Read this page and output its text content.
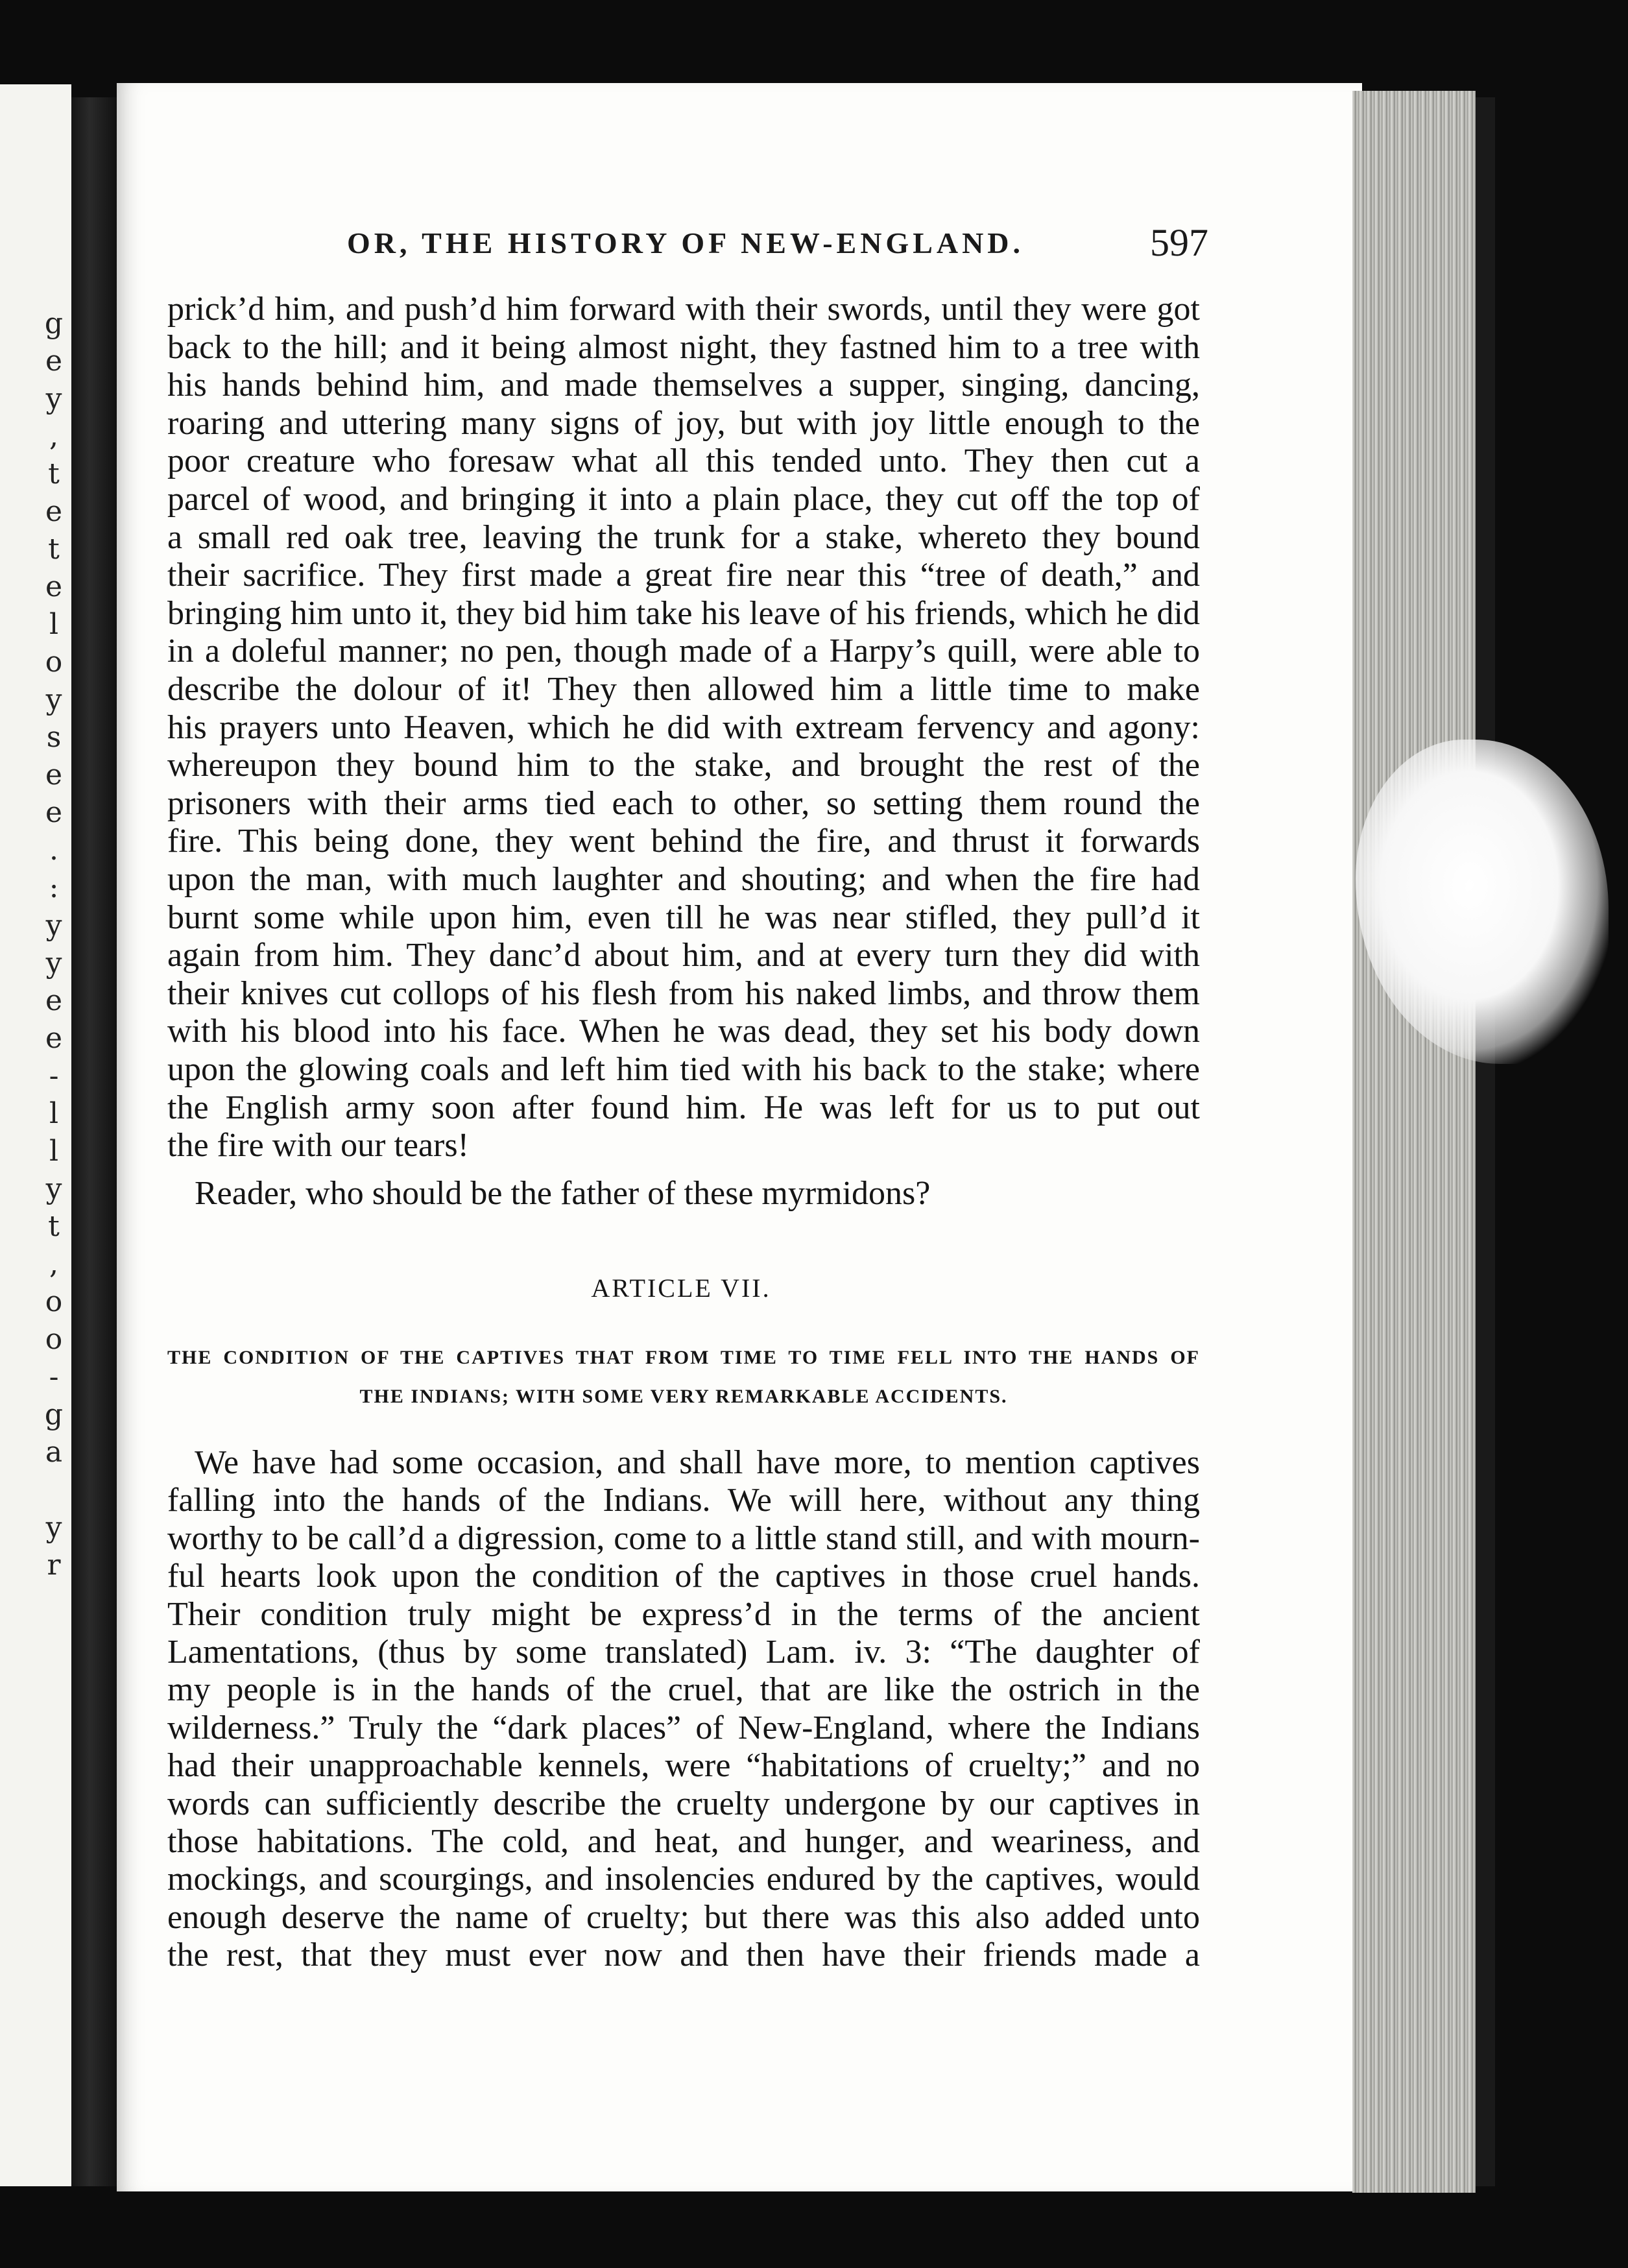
g
e
y
,
t
e
t
e
l
o
y
s
e
e
.
:
y
y
e
e
-
l
l
y
t
,
o
o
-
g
a

y
r
OR, THE HISTORY OF NEW-ENGLAND.	597
prick’d him, and push’d him forward with their swords, until they were got
back to the hill; and it being almost night, they fastned him to a tree with
his hands behind him, and made themselves a supper, singing, dancing,
roaring and uttering many signs of joy, but with joy little enough to the
poor creature who foresaw what all this tended unto. They then cut a
parcel of wood, and bringing it into a plain place, they cut off the top of
a small red oak tree, leaving the trunk for a stake, whereto they bound
their sacrifice. They first made a great fire near this “tree of death,” and
bringing him unto it, they bid him take his leave of his friends, which he did
in a doleful manner; no pen, though made of a Harpy’s quill, were able to
describe the dolour of it! They then allowed him a little time to make
his prayers unto Heaven, which he did with extream fervency and agony:
whereupon they bound him to the stake, and brought the rest of the
prisoners with their arms tied each to other, so setting them round the
fire. This being done, they went behind the fire, and thrust it forwards
upon the man, with much laughter and shouting; and when the fire had
burnt some while upon him, even till he was near stifled, they pull’d it
again from him. They danc’d about him, and at every turn they did with
their knives cut collops of his flesh from his naked limbs, and throw them
with his blood into his face. When he was dead, they set his body down
upon the glowing coals and left him tied with his back to the stake; where
the English army soon after found him. He was left for us to put out
the fire with our tears!
Reader, who should be the father of these myrmidons?
ARTICLE VII.
THE CONDITION OF THE CAPTIVES THAT FROM TIME TO TIME FELL INTO THE HANDS OF
THE INDIANS; WITH SOME VERY REMARKABLE ACCIDENTS.
We have had some occasion, and shall have more, to mention captives
falling into the hands of the Indians. We will here, without any thing
worthy to be call’d a digression, come to a little stand still, and with mourn-
ful hearts look upon the condition of the captives in those cruel hands.
Their condition truly might be express’d in the terms of the ancient
Lamentations, (thus by some translated) Lam. iv. 3: “The daughter of
my people is in the hands of the cruel, that are like the ostrich in the
wilderness.” Truly the “dark places” of New-England, where the Indians
had their unapproachable kennels, were “habitations of cruelty;” and no
words can sufficiently describe the cruelty undergone by our captives in
those habitations. The cold, and heat, and hunger, and weariness, and
mockings, and scourgings, and insolencies endured by the captives, would
enough deserve the name of cruelty; but there was this also added unto
the rest, that they must ever now and then have their friends made a
